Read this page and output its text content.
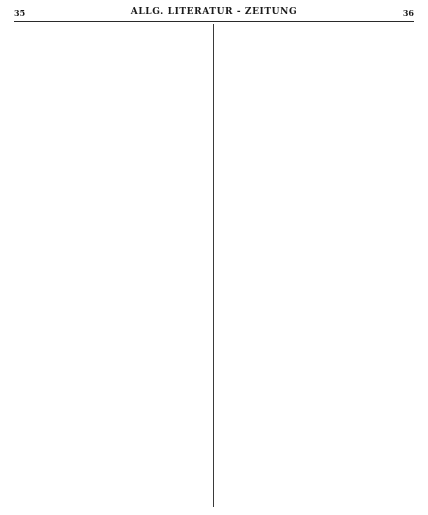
35	ALLG. LITERATUR - ZEITUNG	36
